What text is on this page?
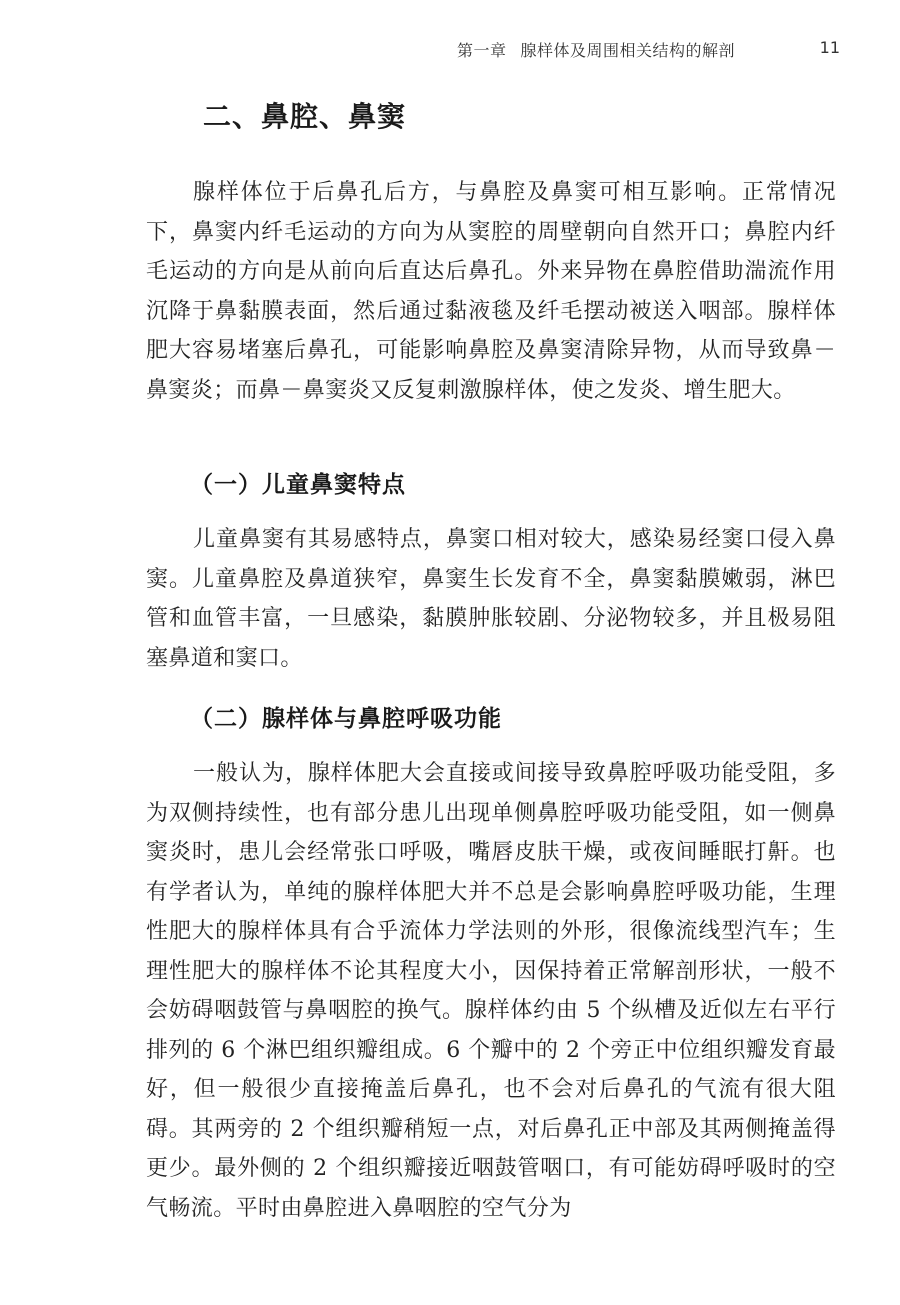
第一章 腺样体及周围相关结构的解剖	11
二、鼻腔、鼻窦

腺样体位于后鼻孔后方，与鼻腔及鼻窦可相互影响。正常情况下，鼻窦内纤毛运动的方向为从窦腔的周壁朝向自然开口；鼻腔内纤毛运动的方向是从前向后直达后鼻孔。外来异物在鼻腔借助湍流作用沉降于鼻黏膜表面，然后通过黏液毯及纤毛摆动被送入咽部。腺样体肥大容易堵塞后鼻孔，可能影响鼻腔及鼻窦清除异物，从而导致鼻－鼻窦炎；而鼻－鼻窦炎又反复刺激腺样体，使之发炎、增生肥大。

（一）儿童鼻窦特点

儿童鼻窦有其易感特点，鼻窦口相对较大，感染易经窦口侵入鼻窦。儿童鼻腔及鼻道狭窄，鼻窦生长发育不全，鼻窦黏膜嫩弱，淋巴管和血管丰富，一旦感染，黏膜肿胀较剧、分泌物较多，并且极易阻塞鼻道和窦口。

（二）腺样体与鼻腔呼吸功能

一般认为，腺样体肥大会直接或间接导致鼻腔呼吸功能受阻，多为双侧持续性，也有部分患儿出现单侧鼻腔呼吸功能受阻，如一侧鼻窦炎时，患儿会经常张口呼吸，嘴唇皮肤干燥，或夜间睡眠打鼾。也有学者认为，单纯的腺样体肥大并不总是会影响鼻腔呼吸功能，生理性肥大的腺样体具有合乎流体力学法则的外形，很像流线型汽车；生理性肥大的腺样体不论其程度大小，因保持着正常解剖形状，一般不会妨碍咽鼓管与鼻咽腔的换气。腺样体约由 5 个纵槽及近似左右平行排列的 6 个淋巴组织瓣组成。6 个瓣中的 2 个旁正中位组织瓣发育最好，但一般很少直接掩盖后鼻孔，也不会对后鼻孔的气流有很大阻碍。其两旁的 2 个组织瓣稍短一点，对后鼻孔正中部及其两侧掩盖得更少。最外侧的 2 个组织瓣接近咽鼓管咽口，有可能妨碍呼吸时的空气畅流。平时由鼻腔进入鼻咽腔的空气分为
